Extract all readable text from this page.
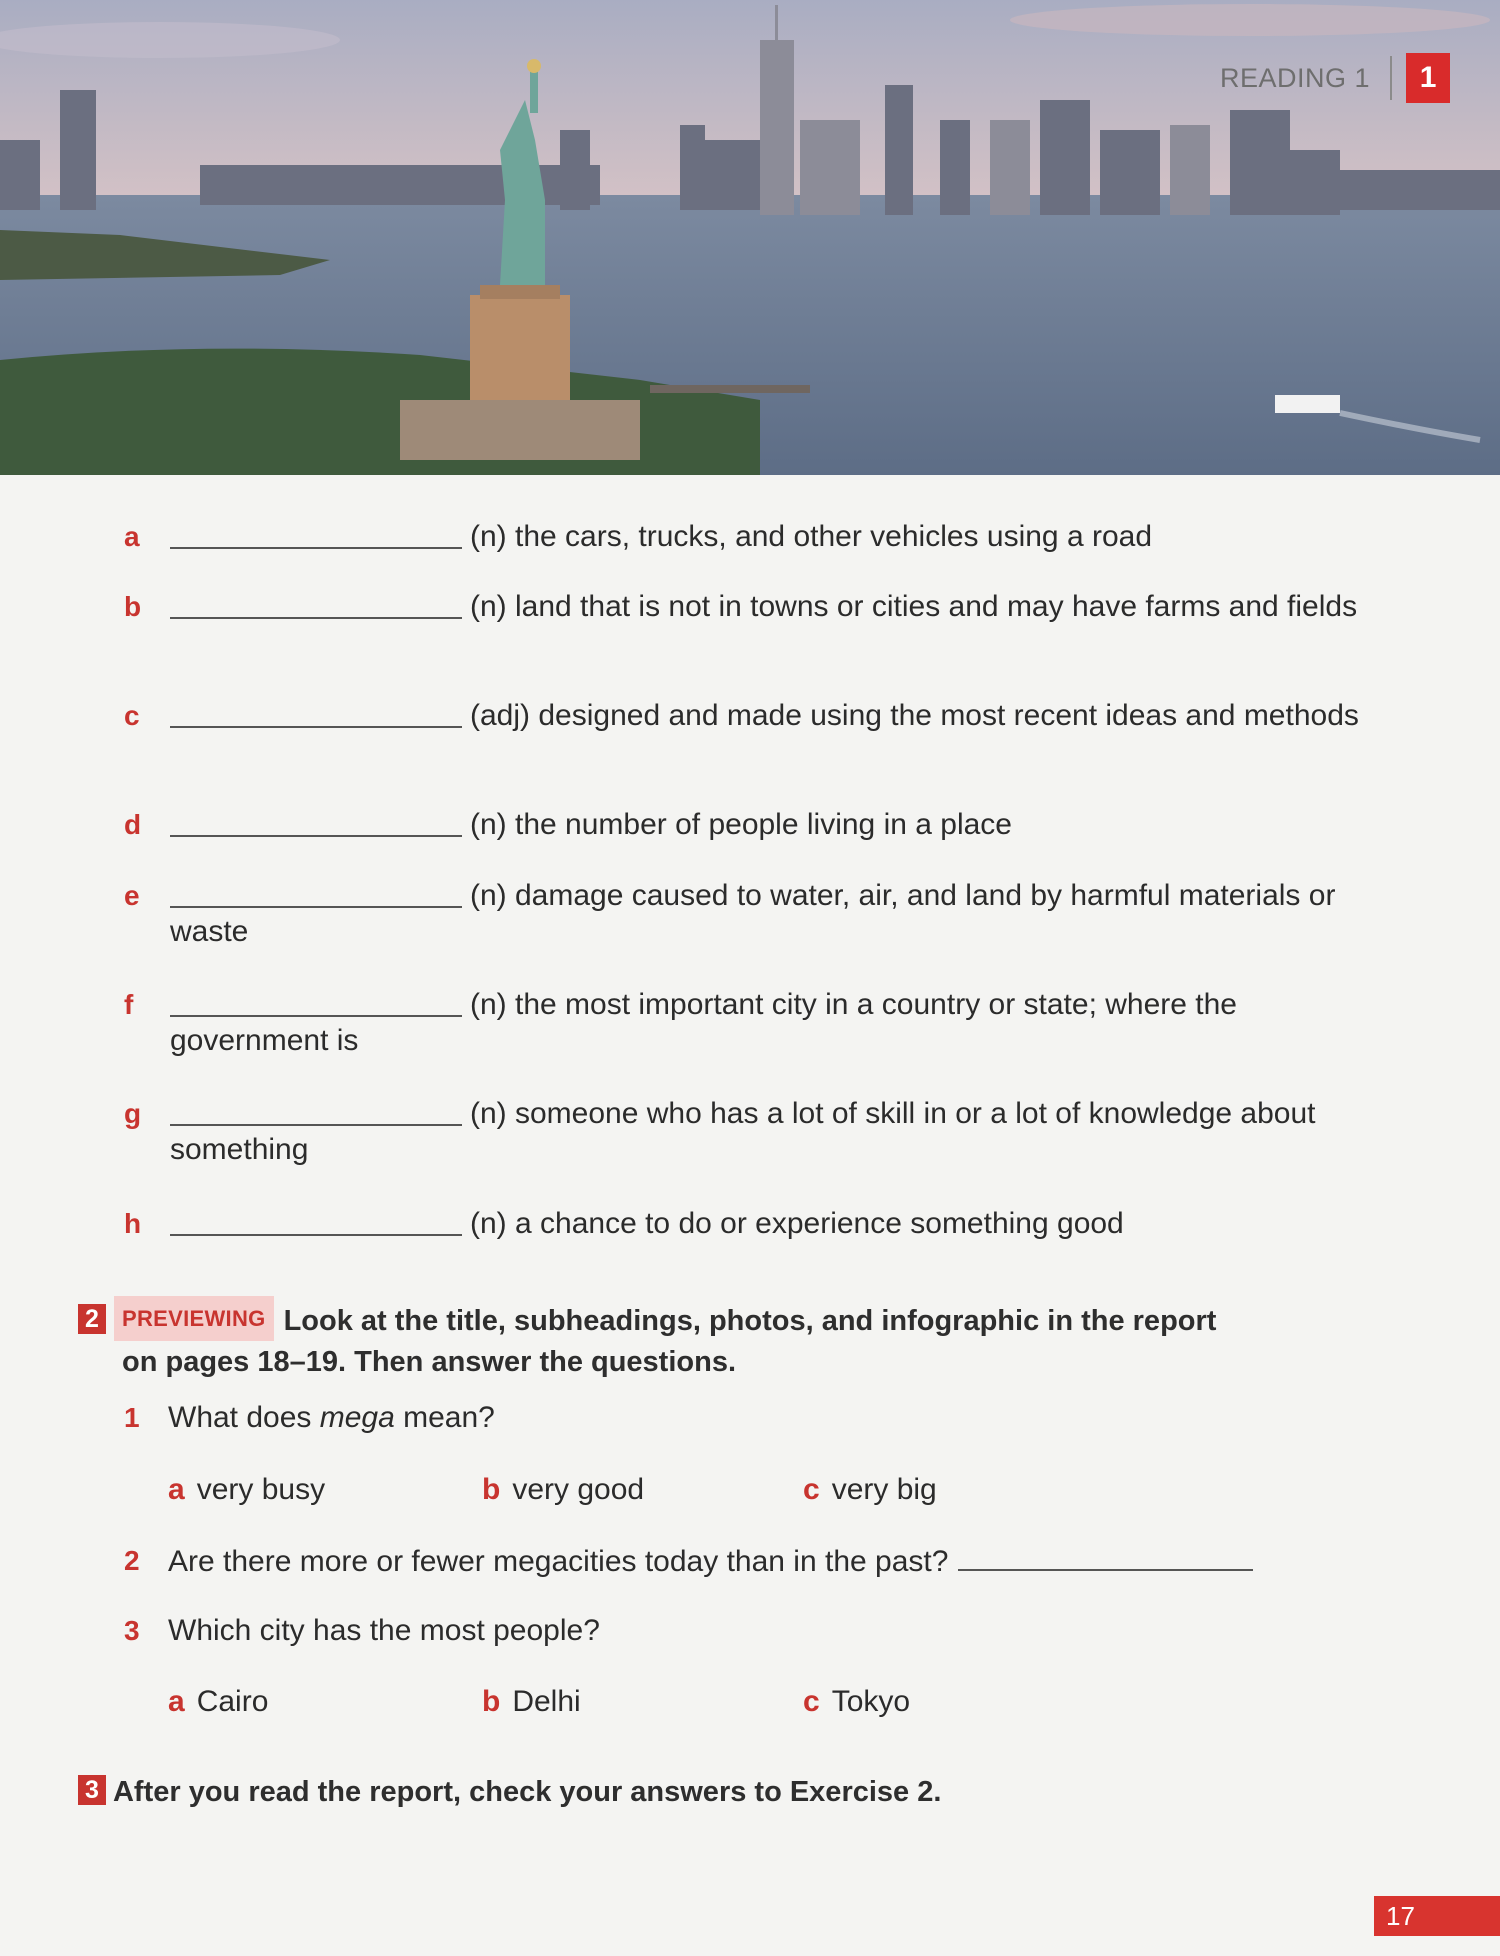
READING 1	1
a	(n) the cars, trucks, and other vehicles using a road
b	(n) land that is not in towns or cities and may have farms and fields
c	(adj) designed and made using the most recent ideas and methods
d	(n) the number of people living in a place
e	(n) damage caused to water, air, and land by harmful materials or waste
f	(n) the most important city in a country or state; where the government is
g	(n) someone who has a lot of skill in or a lot of knowledge about something
h	(n) a chance to do or experience something good
2 PREVIEWING Look at the title, subheadings, photos, and infographic in the report
on pages 18–19. Then answer the questions.
1 What does mega mean?
a very busy	b very good	c very big
2 Are there more or fewer megacities today than in the past?
3 Which city has the most people?
a Cairo	b Delhi	c Tokyo
3 After you read the report, check your answers to Exercise 2.
17
